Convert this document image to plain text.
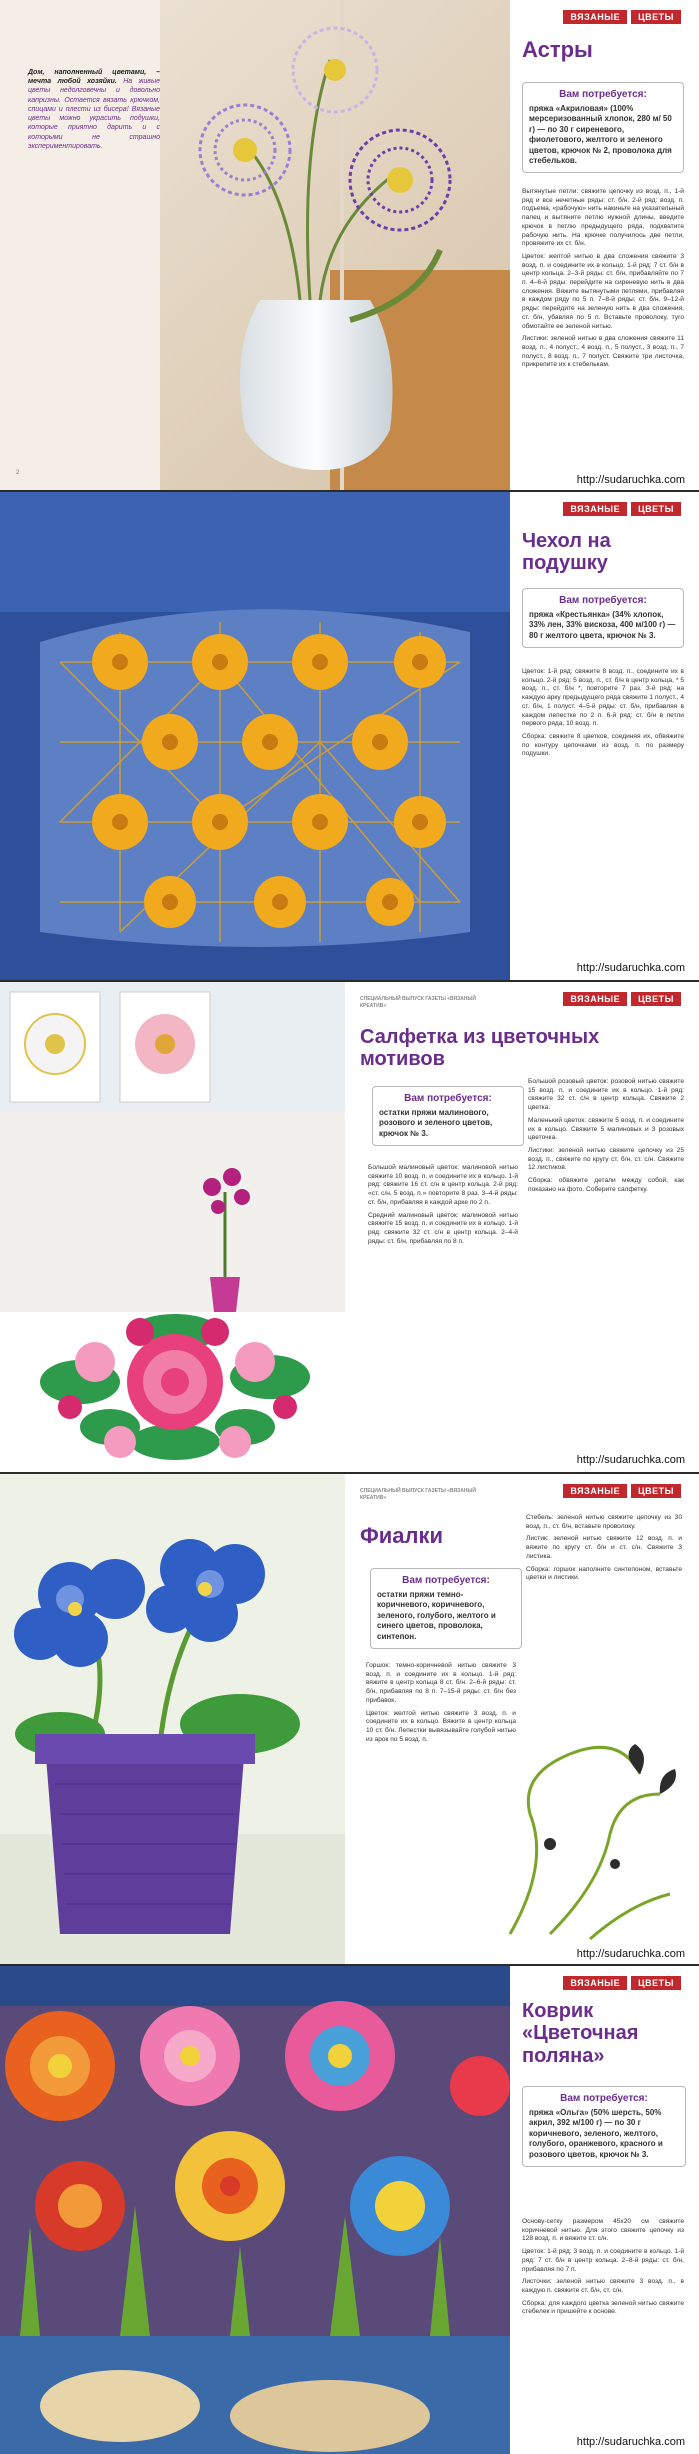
Дом, наполненный цветами, – мечта любой хозяйки. На живые цветы недолговечны и довольно капризны. Остается вязать крючком, спицами и плести из бисера! Вязаные цветы можно украсить подушки, которые приятно дарить и с которыми не страшно экспериментировать.

2
ВЯЗАНЫЕ	ЦВЕТЫ
Астры
Вам потребуется:
пряжа «Акриловая» (100% мерсеризованный хлопок, 280 м/ 50 г) — по 30 г сиреневого, фиолетового, желтого и зеленого цветов, крючок № 2, проволока для стебельков.

Вытянутые петли: свяжите цепочку из возд. п., 1-й ряд и все нечетные ряды: ст. б/н. 2-й ряд: возд. п. подъема, «рабочую» нить накиньте на указательный палец и вытяните петлю нужной длины, введите крючок в петлю предыдущего ряда, подхватите рабочую нить. На крючке получилось две петли, провяжите их ст. б/н.

Цветок: желтой нитью в два сложения свяжите 3 возд. п. и соедините их в кольцо. 1-й ряд: 7 ст. б/н в центр кольца. 2–3-й ряды: ст. б/н, прибавляйте по 7 п. 4–6-й ряды: перейдите на сиреневую нить в два сложения. Вяжите вытянутыми петлями, прибавляя в каждом ряду по 5 п. 7–8-й ряды: ст. б/н. 9–12-й ряды: перейдите на зеленую нить в два сложения, ст. б/н, убавляя по 5 п. Вставьте проволоку, туго обмотайте ее зеленой нитью.

Листики: зеленой нитью в два сложения свяжите 11 возд. п., 4 полуст., 4 возд. п., 5 полуст., 3 возд. п., 7 полуст., 8 возд. п., 7 полуст. Свяжите три листочка, прикрепите их к стебелькам.

http://sudaruchka.com
ВЯЗАНЫЕ	ЦВЕТЫ
Чехол на подушку
Вам потребуется:
пряжа «Крестьянка» (34% хлопок, 33% лен, 33% вискоза, 400 м/100 г) — 80 г желтого цвета, крючок № 3.

Цветок: 1-й ряд: свяжите 8 возд. п., соедините их в кольцо. 2-й ряд: 5 возд. п., ст. б/н в центр кольца, * 5 возд. п., ст. б/н *, повторите 7 раз. 3-й ряд: на каждую арку предыдущего ряда свяжите 1 полуст., 4 ст. б/н, 1 полуст. 4–5-й ряды: ст. б/н, прибавляя в каждом лепестке по 2 п. 6-й ряд: ст. б/н в петли первого ряда, 10 возд. п.

Сборка: свяжите 8 цветков, соединяя их, обвяжите по контуру цепочками из возд. п. по размеру подушки.

http://sudaruchka.com
СПЕЦИАЛЬНЫЙ ВЫПУСК ГАЗЕТЫ «ВЯЗАНЫЙ КРЕАТИВ»
ВЯЗАНЫЕ	ЦВЕТЫ
Салфетка из цветочных мотивов
Вам потребуется:
остатки пряжи малинового, розового и зеленого цветов, крючок № 3.

Большой малиновый цветок: малиновой нитью свяжите 10 возд. п. и соедините их в кольцо. 1-й ряд: свяжите 16 ст. с/н в центр кольца. 2-й ряд: «ст. с/н, 5 возд. п.» повторите 8 раз. 3–4-й ряды: ст. б/н, прибавляя в каждой арке по 2 п.

Средний малиновый цветок: малиновой нитью свяжите 15 возд. п. и соедините их в кольцо. 1-й ряд: свяжите 32 ст. с/н в центр кольца. 2–4-й ряды: ст. б/н, прибавляя по 8 п.

Большой розовый цветок: розовой нитью свяжите 15 возд. п. и соедините их в кольцо. 1-й ряд: свяжите 32 ст. с/н в центр кольца. Свяжите 2 цветка.

Маленький цветок: свяжите 5 возд. п. и соедините их в кольцо. Свяжите 5 малиновых и 3 розовых цветочка.

Листики: зеленой нитью свяжите цепочку из 25 возд. п., свяжите по кругу ст. б/н, ст. с/н. Свяжите 12 листиков.

Сборка: обвяжите детали между собой, как показано на фото. Соберите салфетку.

http://sudaruchka.com
СПЕЦИАЛЬНЫЙ ВЫПУСК ГАЗЕТЫ «ВЯЗАНЫЙ КРЕАТИВ»
ВЯЗАНЫЕ	ЦВЕТЫ
Фиалки
Вам потребуется:
остатки пряжи темно-коричневого, коричневого, зеленого, голубого, желтого и синего цветов, проволока, синтепон.

Горшок: темно-коричневой нитью свяжите 3 возд. п. и соедините их в кольцо. 1-й ряд: вяжите в центр кольца 8 ст. б/н. 2–6-й ряды: ст. б/н, прибавляя по 8 п. 7–15-й ряды: ст. б/н без прибавок.

Цветок: желтой нитью свяжите 3 возд. п. и соедините их в кольцо. Вяжите в центр кольца 10 ст. б/н. Лепестки вывязывайте голубой нитью из арок по 5 возд. п.

Стебель: зеленой нитью свяжите цепочку из 30 возд. п., ст. б/н, вставьте проволоку.

Листик: зеленой нитью свяжите 12 возд. п. и вяжите по кругу ст. б/н и ст. с/н. Свяжите 3 листика.

Сборка: горшок наполните синтепоном, вставьте цветки и листики.

http://sudaruchka.com
ВЯЗАНЫЕ	ЦВЕТЫ
Коврик «Цветочная поляна»
Вам потребуется:
пряжа «Ольга» (50% шерсть, 50% акрил, 392 м/100 г) — по 30 г коричневого, зеленого, желтого, голубого, оранжевого, красного и розового цветов, крючок № 3.

Основу-сетку размером 45х20 см свяжите коричневой нитью. Для этого свяжите цепочку из 128 возд. п. и вяжите ст. с/н.

Цветок: 1-й ряд: 3 возд. п. и соедините в кольцо. 1-й ряд: 7 ст. б/н в центр кольца. 2–8-й ряды: ст. б/н, прибавляя по 7 п.

Листочки: зеленой нитью свяжите 3 возд. п., в каждую п. свяжите ст. б/н, ст. с/н.

Сборка: для каждого цветка зеленой нитью свяжите стебелек и пришейте к основе.

http://sudaruchka.com
